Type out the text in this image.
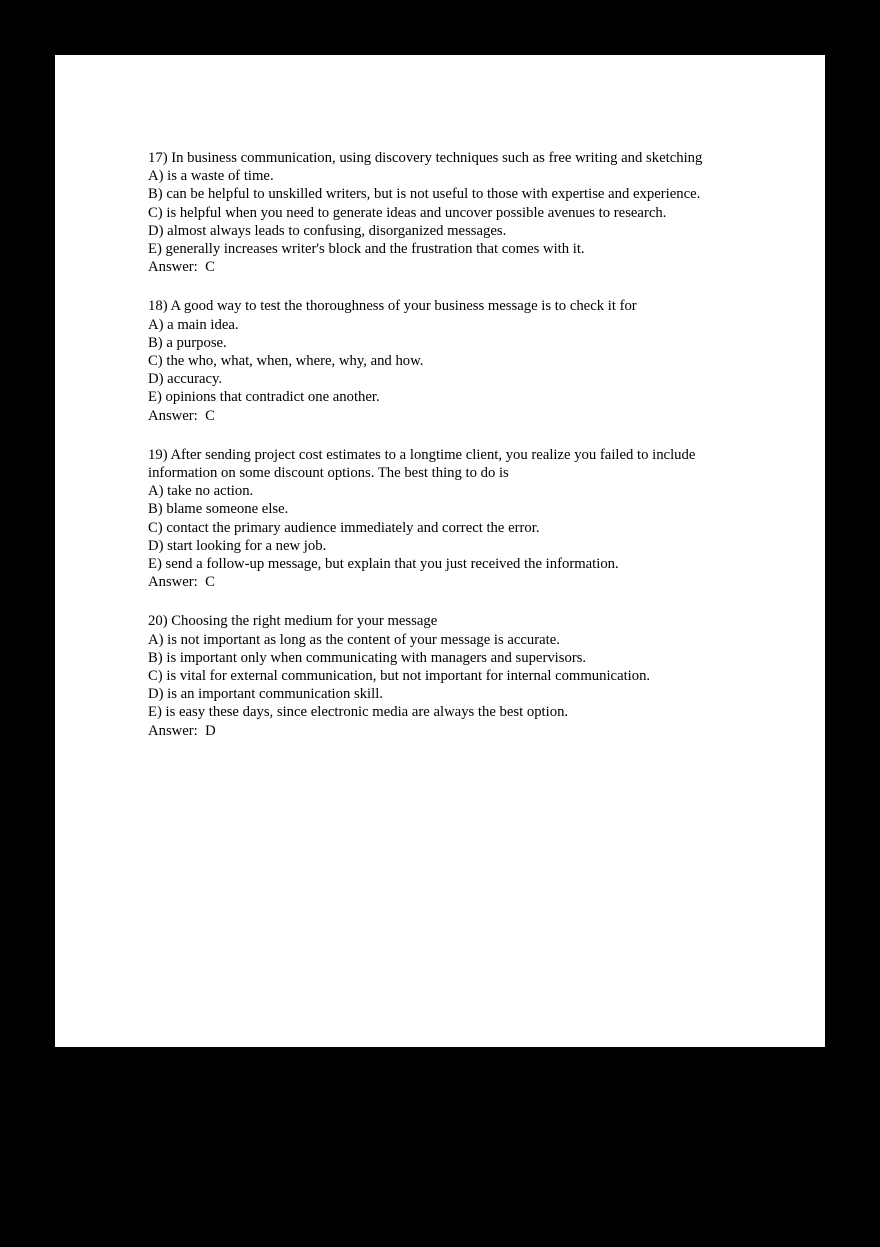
17) In business communication, using discovery techniques such as free writing and sketching

A) is a waste of time.

B) can be helpful to unskilled writers, but is not useful to those with expertise and experience.

C) is helpful when you need to generate ideas and uncover possible avenues to research.

D) almost always leads to confusing, disorganized messages.

E) generally increases writer's block and the frustration that comes with it.

Answer:  C

18) A good way to test the thoroughness of your business message is to check it for

A) a main idea.

B) a purpose.

C) the who, what, when, where, why, and how.

D) accuracy.

E) opinions that contradict one another.

Answer:  C

19) After sending project cost estimates to a longtime client, you realize you failed to include information on some discount options. The best thing to do is

A) take no action.

B) blame someone else.

C) contact the primary audience immediately and correct the error.

D) start looking for a new job.

E) send a follow-up message, but explain that you just received the information.

Answer:  C

20) Choosing the right medium for your message

A) is not important as long as the content of your message is accurate.

B) is important only when communicating with managers and supervisors.

C) is vital for external communication, but not important for internal communication.

D) is an important communication skill.

E) is easy these days, since electronic media are always the best option.

Answer:  D
